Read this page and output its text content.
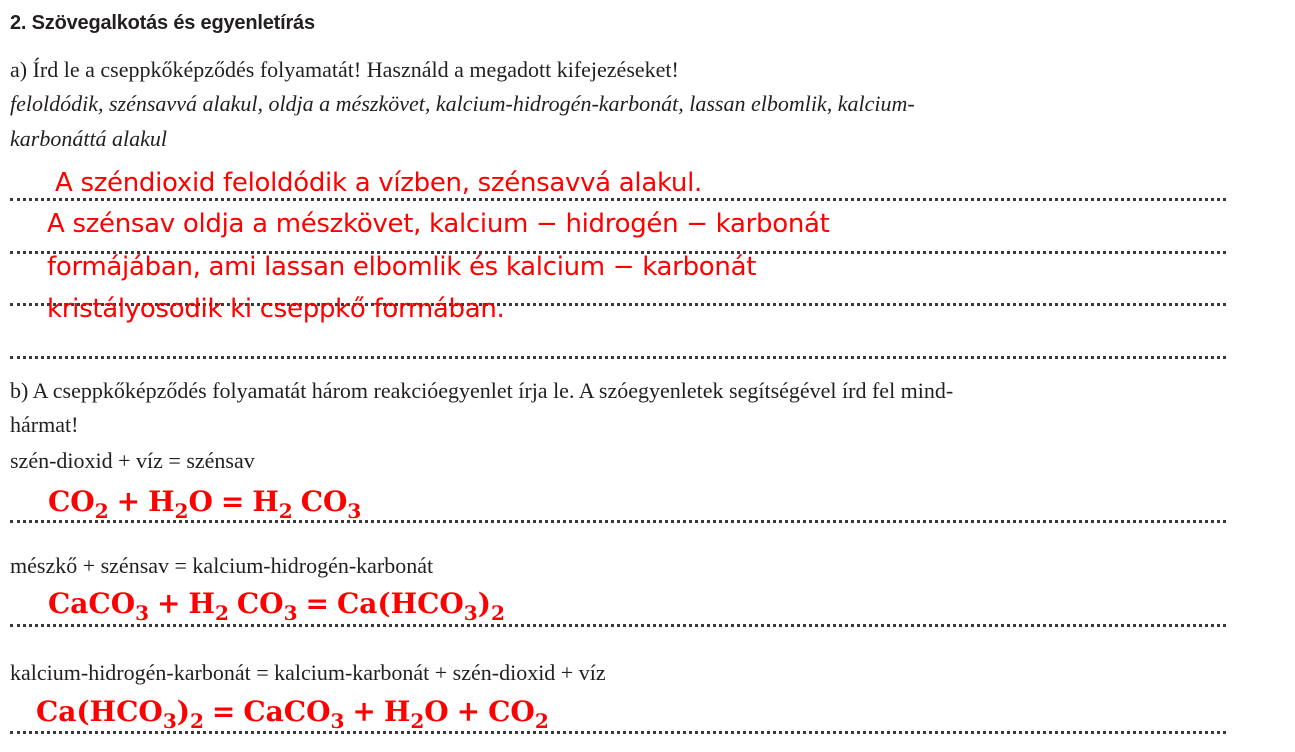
2. Szövegalkotás és egyenletírás
a) Írd le a cseppkőképződés folyamatát! Használd a megadott kifejezéseket!
feloldódik, szénsavvá alakul, oldja a mészkövet, kalcium-hidrogén-karbonát, lassan elbomlik, kalcium-
karbonáttá alakul
A széndioxid feloldódik a vízben, szénsavvá alakul.
A szénsav oldja a mészkövet, kalcium − hidrogén − karbonát
formájában, ami lassan elbomlik és kalcium − karbonát
kristályosodik ki cseppkő formában.
b) A cseppkőképződés folyamatát három reakcióegyenlet írja le. A szóegyenletek segítségével írd fel mind-
hármat!
szén-dioxid + víz = szénsav
$CO_2 + H_2O = H_2$ $CO_3$
mészkő + szénsav = kalcium-hidrogén-karbonát
CaCO$_3$ + $H_2$ $CO_3 = Ca(HCO_3)_2$
kalcium-hidrogén-karbonát = kalcium-karbonát + szén-dioxid + víz
$Ca(HCO_3)_2$ = CaCO$_3$ + $H_2O + CO_2$
